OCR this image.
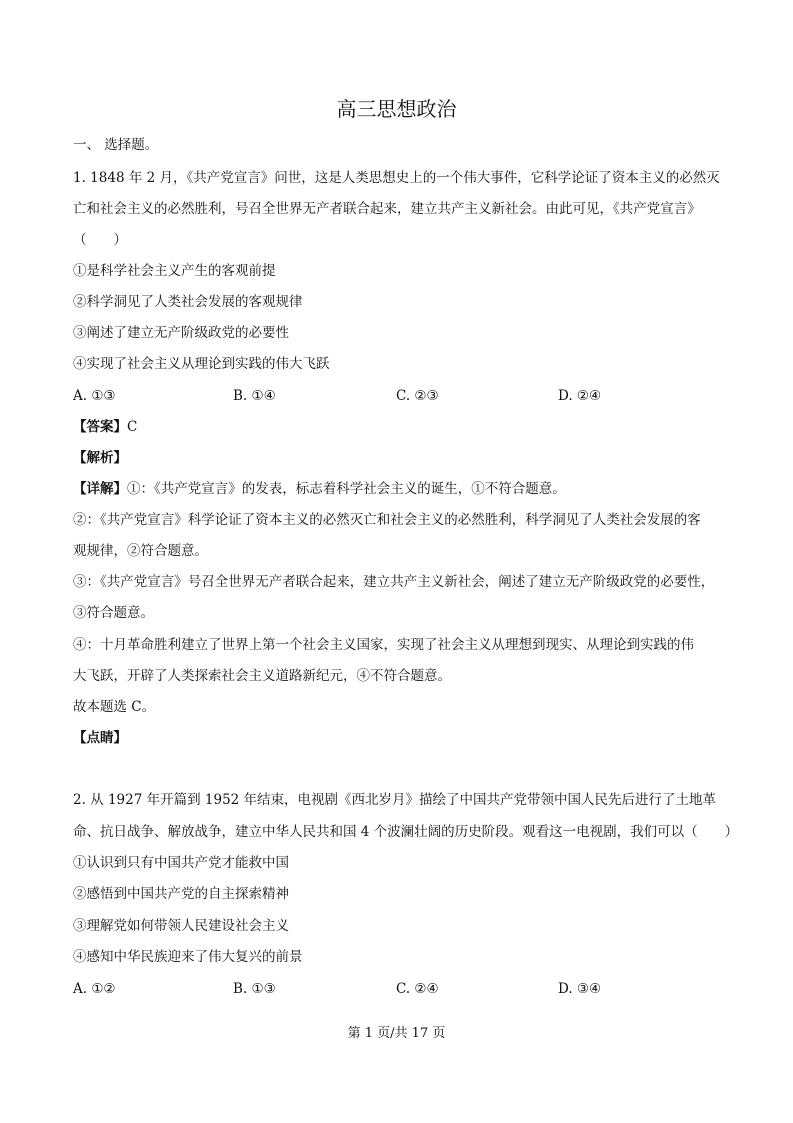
高三思想政治
一、 选择题。
1. 1848 年 2 月，《共产党宣言》问世，这是人类思想史上的一个伟大事件，它科学论证了资本主义的必然灭
亡和社会主义的必然胜利，号召全世界无产者联合起来，建立共产主义新社会。由此可见，《共产党宣言》
（　　）
①是科学社会主义产生的客观前提
②科学洞见了人类社会发展的客观规律
③阐述了建立无产阶级政党的必要性
④实现了社会主义从理论到实践的伟大飞跃
A. ①③	B. ①④	C. ②③	D. ②④
【答案】C
【解析】
【详解】①：《共产党宣言》的发表，标志着科学社会主义的诞生，①不符合题意。
②：《共产党宣言》科学论证了资本主义的必然灭亡和社会主义的必然胜利，科学洞见了人类社会发展的客
观规律，②符合题意。
③：《共产党宣言》号召全世界无产者联合起来，建立共产主义新社会，阐述了建立无产阶级政党的必要性，
③符合题意。
④：十月革命胜利建立了世界上第一个社会主义国家，实现了社会主义从理想到现实、从理论到实践的伟
大飞跃，开辟了人类探索社会主义道路新纪元，④不符合题意。
故本题选 C。
【点睛】
2. 从 1927 年开篇到 1952 年结束，电视剧《西北岁月》描绘了中国共产党带领中国人民先后进行了土地革
命、抗日战争、解放战争，建立中华人民共和国 4 个波澜壮阔的历史阶段。观看这一电视剧，我们可以（　　）
①认识到只有中国共产党才能救中国
②感悟到中国共产党的自主探索精神
③理解党如何带领人民建设社会主义
④感知中华民族迎来了伟大复兴的前景
A. ①②	B. ①③	C. ②④	D. ③④
第 1 页/共 17 页
